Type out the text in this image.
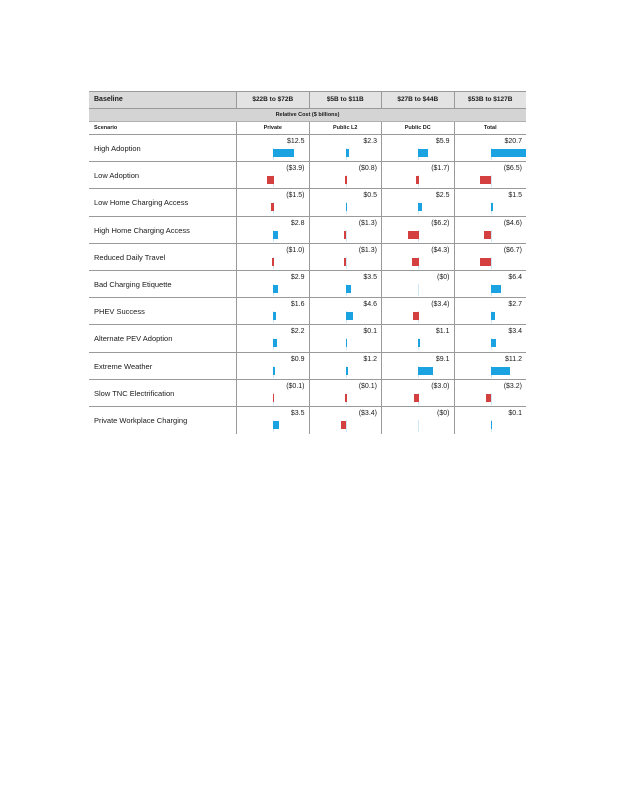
Baseline	$22B to $72B	$5B to $11B	$27B to $44B	$53B to $127B
Relative Cost ($ billions)
Scenario	Private	Public L2	Public DC	Total
High Adoption
$12.5	$2.3	$5.9	$20.7
Low Adoption
($3.9)	($0.8)	($1.7)	($6.5)
Low Home Charging Access
($1.5)	$0.5	$2.5	$1.5
High Home Charging Access
$2.8	($1.3)	($6.2)	($4.6)
Reduced Daily Travel
($1.0)	($1.3)	($4.3)	($6.7)
Bad Charging Etiquette
$2.9	$3.5	($0)	$6.4
PHEV Success
$1.6	$4.6	($3.4)	$2.7
Alternate PEV Adoption
$2.2	$0.1	$1.1	$3.4
Extreme Weather
$0.9	$1.2	$9.1	$11.2
Slow TNC Electrification
($0.1)	($0.1)	($3.0)	($3.2)
Private Workplace Charging
$3.5	($3.4)	($0)	$0.1
